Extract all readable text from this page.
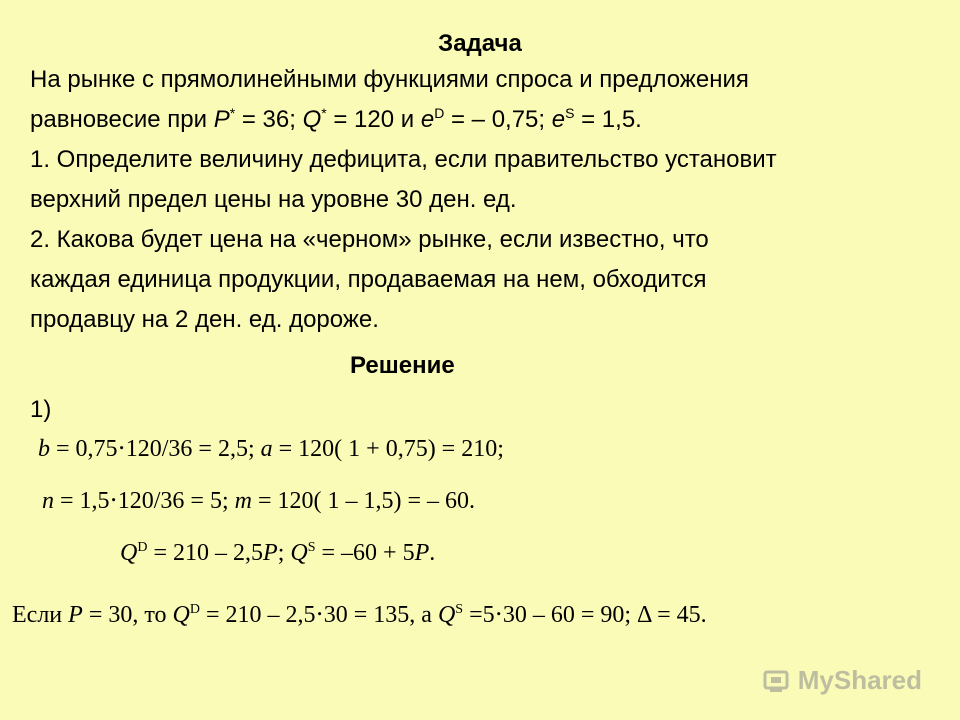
Задача
На рынке с прямолинейными функциями спроса и предложения
равновесие при P* = 36; Q* = 120 и $e^D$ = – 0,75; $e^S = 1,5$.
1. Определите величину дефицита, если правительство установит
верхний предел цены на уровне 30 ден. ед.
2. Какова будет цена на «черном» рынке, если известно, что
каждая единица продукции, продаваемая на нем, обходится
продавцу на 2 ден. ед. дороже.
Решение
1)
b = 0,75⋅120/36 = 2,5; a = 120( 1 + 0,75) = 210;
n = 1,5⋅120/36 = 5; m = 120( 1 – 1,5) = – 60.
$Q^D = 210 - 2,5P$; $Q^S = -60 + 5P$.
Если P = 30, то $Q^D = 210 - 2,5\cdot 30 = 135$, а $Q^S =5\cdot 30 - 60 = 90$; Δ = 45.
MyShared
